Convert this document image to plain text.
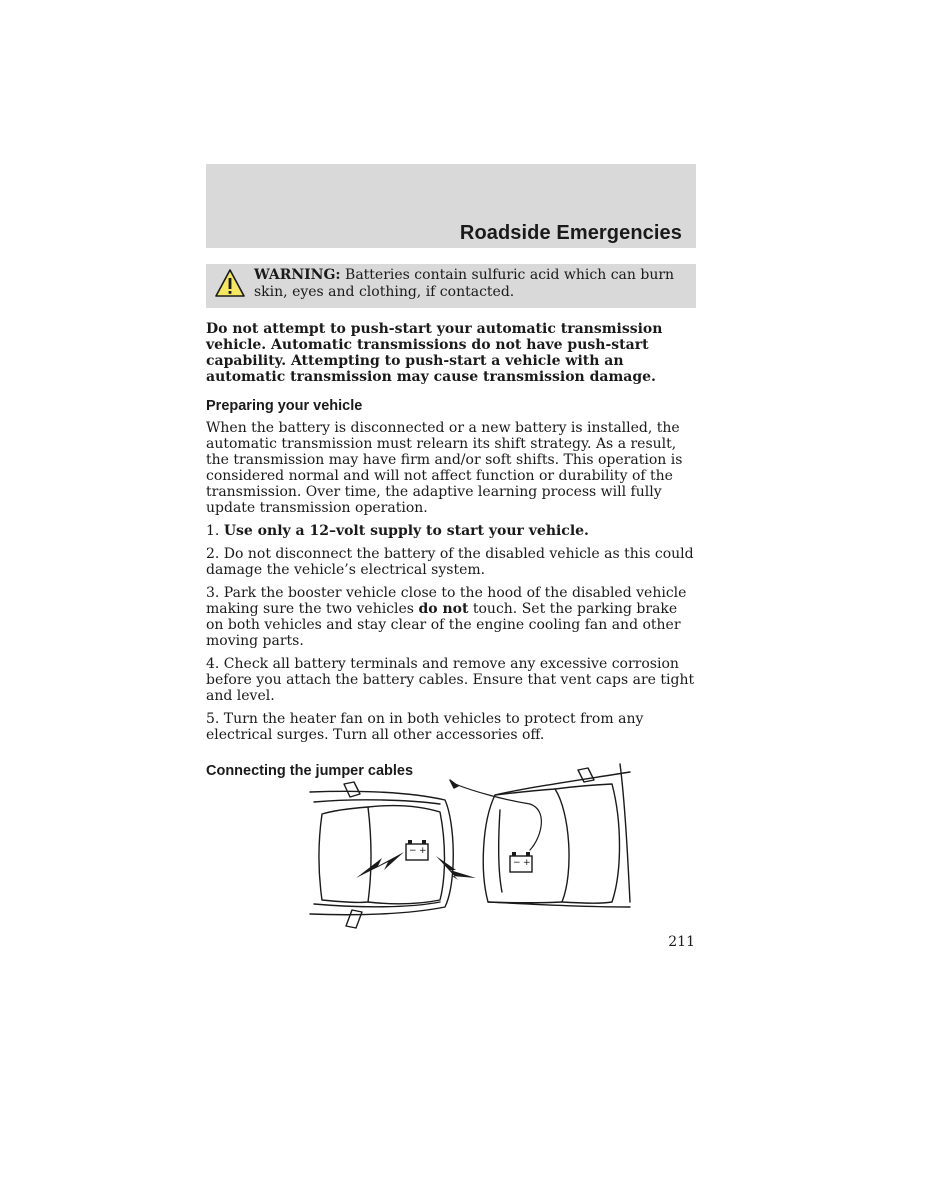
Roadside Emergencies
WARNING: Batteries contain sulfuric acid which can burn skin, eyes and clothing, if contacted.

Do not attempt to push-start your automatic transmission vehicle. Automatic transmissions do not have push-start capability. Attempting to push-start a vehicle with an automatic transmission may cause transmission damage.

Preparing your vehicle

When the battery is disconnected or a new battery is installed, the automatic transmission must relearn its shift strategy. As a result, the transmission may have firm and/or soft shifts. This operation is considered normal and will not affect function or durability of the transmission. Over time, the adaptive learning process will fully update transmission operation.

1. Use only a 12–volt supply to start your vehicle.

2. Do not disconnect the battery of the disabled vehicle as this could damage the vehicle’s electrical system.

3. Park the booster vehicle close to the hood of the disabled vehicle making sure the two vehicles do not touch. Set the parking brake on both vehicles and stay clear of the engine cooling fan and other moving parts.

4. Check all battery terminals and remove any excessive corrosion before you attach the battery cables. Ensure that vent caps are tight and level.

5. Turn the heater fan on in both vehicles to protect from any electrical surges. Turn all other accessories off.

Connecting the jumper cables
− +
− +
211
